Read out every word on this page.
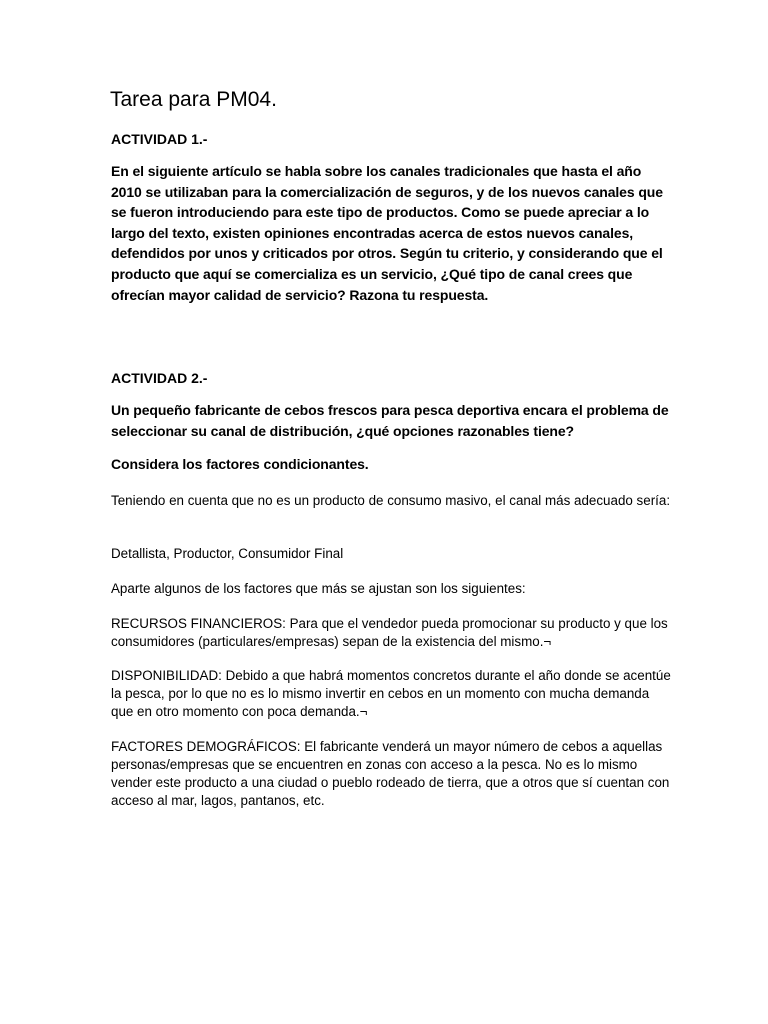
Tarea para PM04.

ACTIVIDAD 1.-

En el siguiente artículo se habla sobre los canales tradicionales que hasta el año 2010 se utilizaban para la comercialización de seguros, y de los nuevos canales que se fueron introduciendo para este tipo de productos. Como se puede apreciar a lo largo del texto, existen opiniones encontradas acerca de estos nuevos canales, defendidos por unos y criticados por otros. Según tu criterio, y considerando que el producto que aquí se comercializa es un servicio, ¿Qué tipo de canal crees que ofrecían mayor calidad de servicio? Razona tu respuesta.

ACTIVIDAD 2.-

Un pequeño fabricante de cebos frescos para pesca deportiva encara el problema de seleccionar su canal de distribución, ¿qué opciones razonables tiene?

Considera los factores condicionantes.

Teniendo en cuenta que no es un producto de consumo masivo, el canal más adecuado sería:

Detallista, Productor, Consumidor Final

Aparte algunos de los factores que más se ajustan son los siguientes:

RECURSOS FINANCIEROS: Para que el vendedor pueda promocionar su producto y que los consumidores (particulares/empresas) sepan de la existencia del mismo.¬

DISPONIBILIDAD: Debido a que habrá momentos concretos durante el año donde se acentúe la pesca, por lo que no es lo mismo invertir en cebos en un momento con mucha demanda que en otro momento con poca demanda.¬

FACTORES DEMOGRÁFICOS: El fabricante venderá un mayor número de cebos a aquellas personas/empresas que se encuentren en zonas con acceso a la pesca. No es lo mismo vender este producto a una ciudad o pueblo rodeado de tierra, que a otros que sí cuentan con acceso al mar, lagos, pantanos, etc.
